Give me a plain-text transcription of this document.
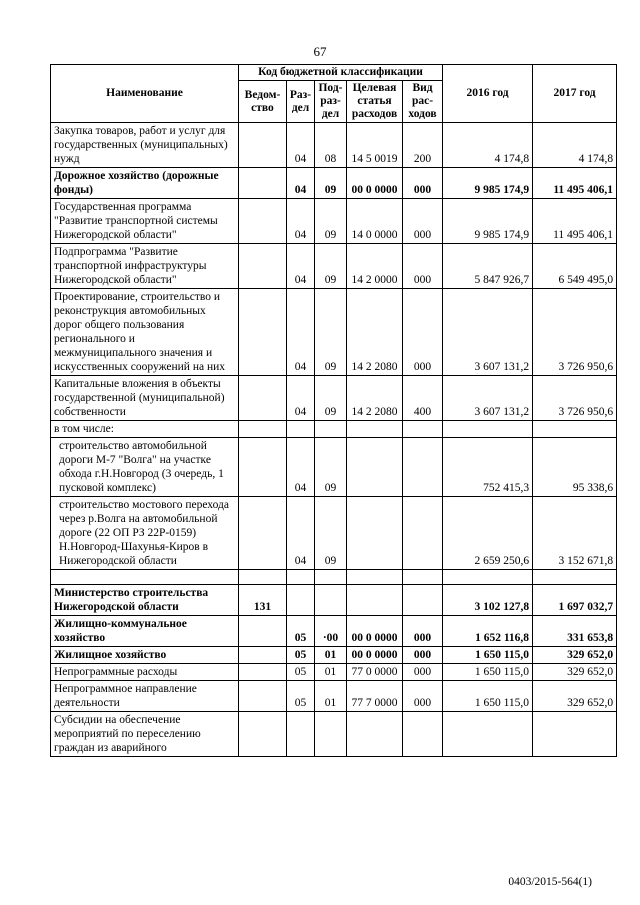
67
Наименование	Код бюджетной классификации					2016 год	2017 год
	Ведом-ство	Раз-дел	Под-раз-дел	Целевая статья расходов	Вид рас-ходов		
Закупка товаров, работ и услуг для государственных (муниципальных) нужд		04	08	14 5 0019	200	4 174,8	4 174,8
Дорожное хозяйство (дорожные фонды)		04	09	00 0 0000	000	9 985 174,9	11 495 406,1
Государственная программа "Развитие транспортной системы Нижегородской области"		04	09	14 0 0000	000	9 985 174,9	11 495 406,1
Подпрограмма "Развитие транспортной инфраструктуры Нижегородской области"		04	09	14 2 0000	000	5 847 926,7	6 549 495,0
Проектирование, строительство и реконструкция автомобильных дорог общего пользования регионального и межмуниципального значения и искусственных сооружений на них		04	09	14 2 2080	000	3 607 131,2	3 726 950,6
Капитальные вложения в объекты государственной (муниципальной) собственности		04	09	14 2 2080	400	3 607 131,2	3 726 950,6
в том числе:							
строительство автомобильной дороги М-7 "Волга" на участке обхода г.Н.Новгород (3 очередь, 1 пусковой комплекс)		04	09			752 415,3	95 338,6
строительство мостового перехода через р.Волга на автомобильной дороге (22 ОП РЗ 22Р-0159) Н.Новгород-Шахунья-Киров в Нижегородской области		04	09			2 659 250,6	3 152 671,8

Министерство строительства Нижегородской области	131					3 102 127,8	1 697 032,7
Жилищно-коммунальное хозяйство		05	·00	00 0 0000	000	1 652 116,8	331 653,8
Жилищное хозяйство		05	01	00 0 0000	000	1 650 115,0	329 652,0
Непрограммные расходы		05	01	77 0 0000	000	1 650 115,0	329 652,0
Непрограммное направление деятельности		05	01	77 7 0000	000	1 650 115,0	329 652,0
Субсидии на обеспечение мероприятий по переселению граждан из аварийного							
0403/2015-564(1)
